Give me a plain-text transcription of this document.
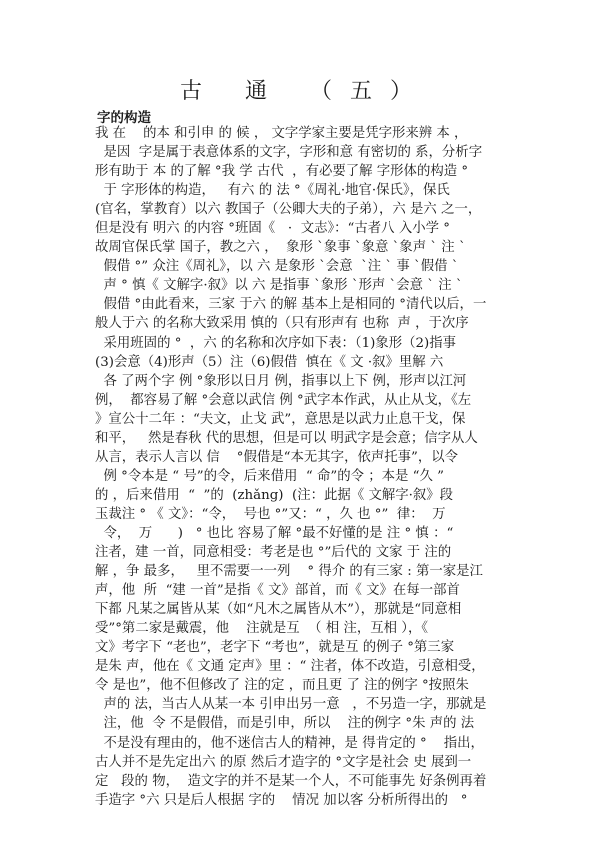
古 通 （五）
字的构造
我 在    的本 和引申 的 候 ， 文字学家主要是凭字形来辨 本 ，
是因  字是属于表意体系的文字，字形和意 有密切的 系，分析字
形有助于 本 的了解 °我 学 古代  ，有必要了解 字形体的构造 °
于 字形体的构造，   有六 的 法 °《周礼·地官·保氏》，保氏
(官名，掌教育）以六 教国子（公卿大夫的子弟），六 是六 之一，
但是没有 明六 的内容 °班固《   ·  文志》：“古者八 入小学 °
故周官保氏掌 国子，教之六 ，  象形 `象事 `象意 `象声 ` 注 `
假借 °” 众注《周礼》，以 六 是象形 `会意  `注 ` 事 `假借 `
声 ° 慎《 文解字·叙》以 六 是指事 `象形 `形声 `会意 ` 注 `
假借 °由此看来，三家 于六 的解 基本上是相同的 °清代以后，一
般人于六 的名称大致采用 慎的（只有形声有 也称  声 ，于次序
采用班固的 °  ，六 的名称和次序如下表：（1)象形（2)指事
(3)会意（4)形声（5）注（6)假借  慎在《 文 ·叙》里解 六
各 了两个字 例 °象形以日月 例，指事以上下 例，形声以江河
例，  都容易了解 °会意以武信 例 °武字本作武，从止从戈，《左
》宣公十二年 ：“夫文，止戈 武”，意思是以武力止息干戈，保
和平，   然是春秋 代的思想，但是可以 明武字是会意；信字从人
从言，表示人言以 信    °假借是“本无其字，依声托事”，以令
例 °令本是 “ 号”的令，后来借用  “ 命”的令 ；本是 “久 ”
的 ，后来借用  “  ”的  (zhǎng)  (注：此据《 文解字·叙》段
玉裁注 ° 《 文》：“令，  号也 °”又：“ ，久 也 °”  律：  万
令，  万      )   ° 也比 容易了解 °最不好懂的是 注 ° 慎 ：“
注者，建 一首，同意相受：考老是也 °”后代的 文家 于 注的
解 ，争 最多，   里不需要一一列    ° 得介 的有三家 : 第一家是江
声，他  所  “建 一首”是指《 文》部首，而《 文》在每一部首
下都 凡某之属皆从某（如“凡木之属皆从木”），那就是“同意相
受”°第二家是戴震，他    注就是互  （ 相 注，互相 ），《
文》考字下 “老也”，老字下 “考也”，就是互 的例子 °第三家
是朱 声，他在《 文通 定声》里 ：“ 注者，体不改造，引意相受，
令 是也”，他不但修改了 注的定 ，而且更 了 注的例字 °按照朱
声的 法，当古人从某一本 引申出另一意   ，不另造一字，那就是
注，他  令 不是假借，而是引申，所以    注的例字 °朱 声的 法
不是没有理由的，他不迷信古人的精神，是 得肯定的 °    指出，
古人并不是先定出六 的原 然后才造字的 °文字是社会 史 展到一
定   段的 物，  造文字的并不是某一个人，不可能事先 好条例再着
手造字 °六 只是后人根据 字的    情况 加以客 分析所得出的   °
